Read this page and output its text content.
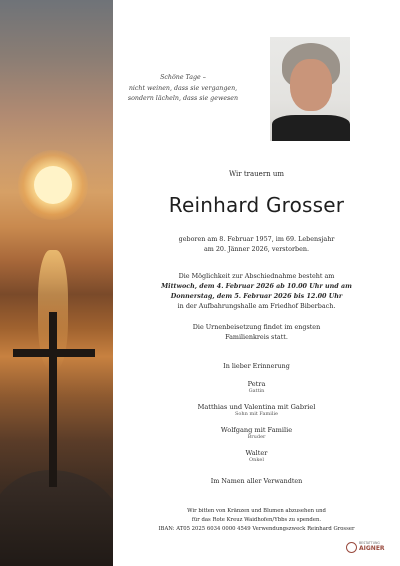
Schöne Tage –
nicht weinen, dass sie vergangen,
sondern lächeln, dass sie gewesen
Wir trauern um
Reinhard Grosser
geboren am 8. Februar 1957, im 69. Lebensjahr
am 20. Jänner 2026, verstorben.
Die Möglichkeit zur Abschiednahme besteht am
Mittwoch, dem 4. Februar 2026 ab 10.00 Uhr und am
Donnerstag, dem 5. Februar 2026 bis 12.00 Uhr
in der Aufbahrungshalle am Friedhof Biberbach.
Die Urnenbeisetzung findet im engsten
Familienkreis statt.
In lieber Erinnerung
Petra
Gattin
Matthias und Valentina mit Gabriel
Sohn mit Familie
Wolfgang mit Familie
Bruder
Walter
Onkel
Im Namen aller Verwandten
Wir bitten von Kränzen und Blumen abzusehen und
für das Rote Kreuz Waidhofen/Ybbs zu spenden.
IBAN: AT05 2025 6034 0000 4549 Verwendungszweck Reinhard Grosser
BESTATTUNG
AIGNER
